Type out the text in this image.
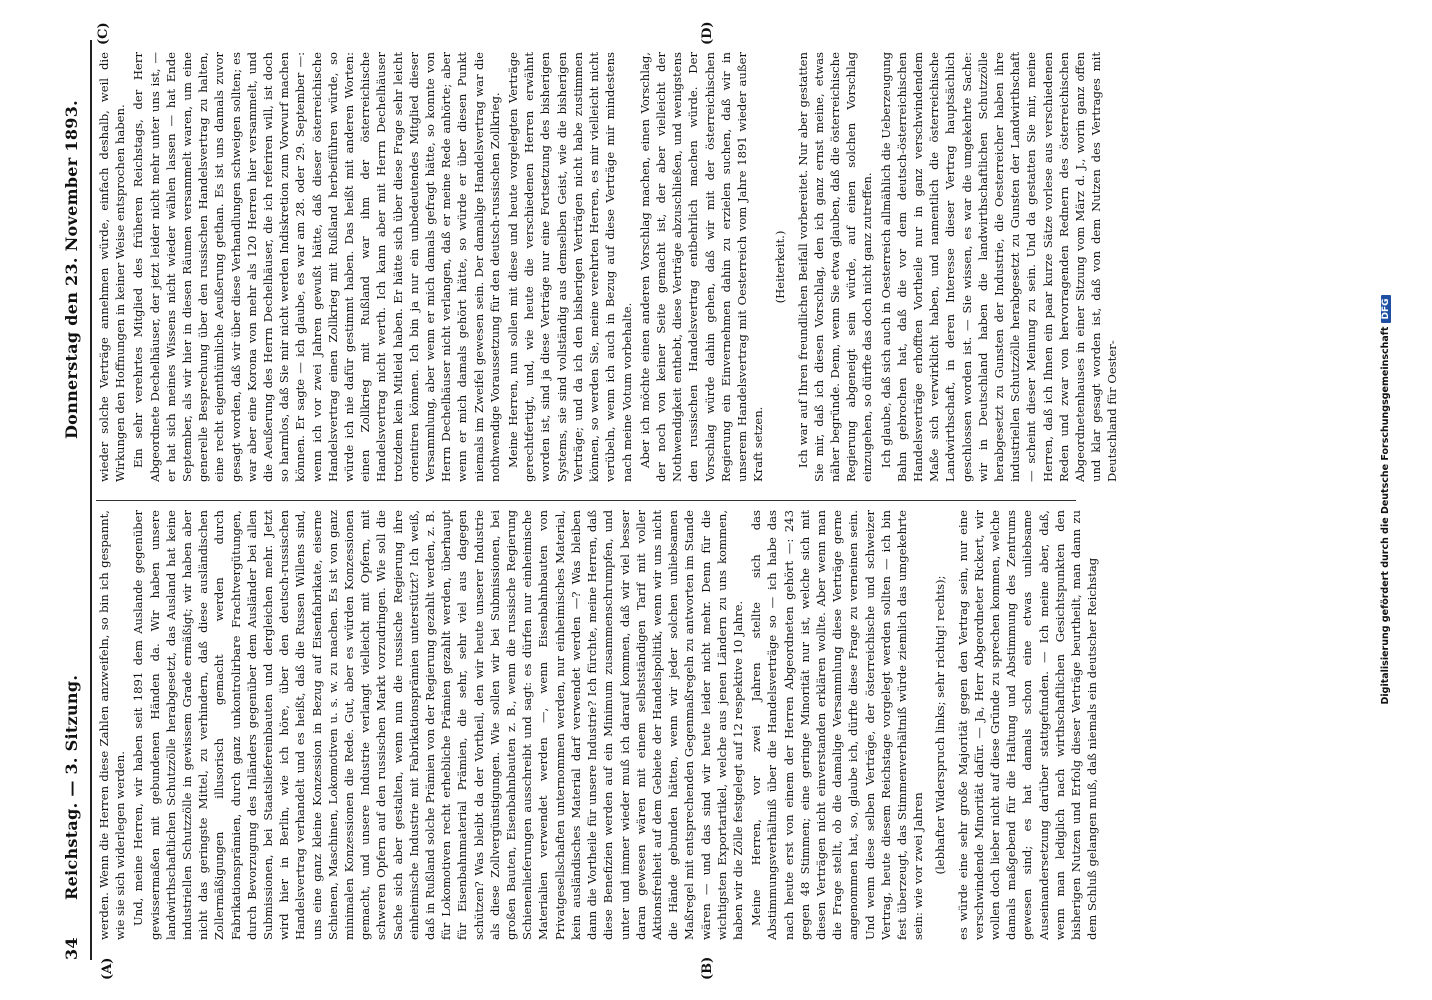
34
Reichstag. — 3. Sitzung.
Donnerstag den 23. November 1893.
(A)	(B)
(C)	(D)

werden. Wenn die Herren diese Zahlen anzweifeln, so bin ich gespannt, wie sie sich widerlegen werden. Und, meine Herren, wir haben seit 1891 dem Auslande gegenüber gewissermaßen mit gebundenen Händen da. Wir haben unsere landwirthschaftlichen Schutzzölle herabgesetzt, das Ausland hat keine industriellen Schutzzölle in gewissem Grade ermäßigt; wir haben aber nicht das geringste Mittel, zu verhindern, daß diese ausländischen Zollermäßigungen illusorisch gemacht werden durch Fabrikationsprämien, durch ganz unkontrolirbare Frachtvergütungen, durch Bevorzugung des Inländers gegenüber dem Ausländer bei allen Submissionen, bei Staatsliefereinbauten und dergleichen mehr. Jetzt wird hier in Berlin, wie ich höre, über den deutsch-russischen Handelsvertrag verhandelt und es heißt, daß die Russen Willens sind, uns eine ganz kleine Konzession in Bezug auf Eisenfabrikate, eiserne Schienen, Maschinen, Lokomotiven u. s. w. zu machen. Es ist von ganz minimalen Konzessionen die Rede. Gut, aber es würden Konzessionen gemacht, und unsere Industrie verlangt vielleicht mit Opfern, mit schweren Opfern auf den russischen Markt vorzudringen. Wie soll die Sache sich aber gestalten, wenn nun die russische Regierung ihre einheimische Industrie mit Fabrikationsprämien unterstützt? Ich weiß, daß in Rußland solche Prämien von der Regierung gezahlt werden, z. B. für Lokomotiven recht erhebliche Prämien gezahlt werden, überhaupt für Eisenbahnmaterial Prämien, die sehr, sehr viel aus dagegen schützen? Was bleibt da der Vortheil, den wir heute unserer Industrie als diese Zollvergünstigungen. Wie sollen wir bei Submissionen, bei großen Bauten, Eisenbahnbauten z. B., wenn die russische Regierung Schienenlieferungen ausschreibt und sagt: es dürfen nur einheimische Materialien verwendet werden —, wenn Eisenbahnbauten von Privatgesellschaften unternommen werden, nur einheimisches Material, kein ausländisches Material darf verwendet werden —? Was bleiben dann die Vortheile für unsere Industrie? Ich fürchte, meine Herren, daß diese Benefizien werden auf ein Minimum zusammenschrumpfen, und unter und immer wieder muß ich darauf kommen, daß wir viel besser daran gewesen wären mit einem selbstständigen Tarif mit voller Aktionsfreiheit auf dem Gebiete der Handelspolitik, wenn wir uns nicht die Hände gebunden hätten, wenn wir jeder solchen unliebsamen Maßregel mit entsprechenden Gegenmaßregeln zu antworten im Stande wären — und das sind wir heute leider nicht mehr. Denn für die wichtigsten Exportartikel, welche aus jenen Ländern zu uns kommen, haben wir die Zölle festgelegt auf 12 respektive 10 Jahre. Meine Herren, vor zwei Jahren stellte sich das Abstimmungsverhältniß über die Handelsverträge so — ich habe das nach heute erst von einem der Herren Abgeordneten gehört —: 243 gegen 48 Stimmen; eine geringe Minorität nur ist, welche sich mit diesen Verträgen nicht einverstanden erklären wollte. Aber wenn man die Frage stellt, ob die damalige Versammlung diese Verträge gerne angenommen hat, so, glaube ich, dürfte diese Frage zu verneinen sein. Und wenn diese selben Verträge, der österreichische und schweizer Vertrag, heute diesem Reichstage vorgelegt werden sollten — ich bin fest überzeugt, das Stimmenverhältniß würde ziemlich das umgekehrte sein: wie vor zwei Jahren (lebhafter Widerspruch links; sehr richtig! rechts); es würde eine sehr große Majorität gegen den Vertrag sein, nur eine verschwindende Minorität dafür. — Ja, Herr Abgeordneter Rickert, wir wollen doch lieber nicht auf diese Gründe zu sprechen kommen, welche damals maßgebend für die Haltung und Abstimmung des Zentrums gewesen sind; es hat damals schon eine etwas unliebsame Auseinandersetzung darüber stattgefunden. — Ich meine aber, daß, wenn man lediglich nach wirthschaftlichen Gesichtspunkten den bisherigen Nutzen und Erfolg dieser Verträge beurtheilt, man dann zu dem Schluß gelangen muß, daß niemals ein deutscher Reichstag

wieder solche Verträge annehmen würde, einfach deshalb, weil die Wirkungen den Hoffnungen in keiner Weise entsprochen haben. Ein sehr verehrtes Mitglied des früheren Reichstags, der Herr Abgeordnete Dechelhäuser, der jetzt leider nicht mehr unter uns ist, — er hat sich meines Wissens nicht wieder wählen lassen — hat Ende September, als wir hier in diesen Räumen versammelt waren, um eine generelle Besprechung über den russischen Handelsvertrag zu halten, eine recht eigenthümliche Aeußerung gethan. Es ist uns damals zuvor gesagt worden, daß wir über diese Verhandlungen schweigen sollten; es war aber eine Korona von mehr als 120 Herren hier versammelt, und die Aeußerung des Herrn Dechelhäuser, die ich referiren will, ist doch so harmlos, daß Sie mir nicht werden Indiskretion zum Vorwurf machen können. Er sagte — ich glaube, es war am 28. oder 29. September —: wenn ich vor zwei Jahren gewußt hätte, daß dieser österreichische Handelsvertrag einen Zollkrieg mit Rußland herbeiführen würde, so würde ich nie dafür gestimmt haben. Das heißt mit anderen Worten: einen Zollkrieg mit Rußland war ihm der österreichische Handelsvertrag nicht werth. Ich kann aber mit Herrn Dechelhäuser trotzdem kein Mitleid haben. Er hätte sich über diese Frage sehr leicht orientiren können. Ich bin ja nur ein unbedeutendes Mitglied dieser Versammlung, aber wenn er mich damals gefragt hätte, so konnte von Herrn Dechelhäuser nicht verlangen, daß er meine Rede anhörte; aber wenn er mich damals gehört hätte, so würde er über diesen Punkt niemals im Zweifel gewesen sein. Der damalige Handelsvertrag war die nothwendige Voraussetzung für den deutsch-russischen Zollkrieg. Meine Herren, nun sollen mit diese und heute vorgelegten Verträge gerechtfertigt, und, wie heute die verschiedenen Herren erwähnt worden ist, sind ja diese Verträge nur eine Fortsetzung des bisherigen Systems, sie sind vollständig aus demselben Geist, wie die bisherigen Verträge; und da ich den bisherigen Verträgen nicht habe zustimmen können, so werden Sie, meine verehrten Herren, es mir vielleicht nicht verübeln, wenn ich auch in Bezug auf diese Verträge mir mindestens nach meine Votum vorbehalte. Aber ich möchte einen anderen Vorschlag machen, einen Vorschlag, der noch von keiner Seite gemacht ist, der aber vielleicht der Nothwendigkeit enthebt, diese Verträge abzuschließen, und wenigstens den russischen Handelsvertrag entbehrlich machen würde. Der Vorschlag würde dahin gehen, daß wir mit der österreichischen Regierung ein Einvernehmen dahin zu erzielen suchen, daß wir in unserem Handelsvertrag mit Oesterreich vom Jahre 1891 wieder außer Kraft setzen.

(Heiterkeit.) Ich war auf Ihren freundlichen Beifall vorbereitet. Nur aber gestatten Sie mir, daß ich diesen Vorschlag, den ich ganz ernst meine, etwas näher begründe. Denn, wenn Sie etwa glauben, daß die österreichische Regierung abgeneigt sein würde, auf einen solchen Vorschlag einzugehen, so dürfte das doch nicht ganz zutreffen. Ich glaube, daß sich auch in Oesterreich allmählich die Ueberzeugung Bahn gebrochen hat, daß die vor dem deutsch-österreichischen Handelsverträge erhofften Vortheile nur in ganz verschwindendem Maße sich verwirklicht haben, und namentlich die österreichische Landwirthschaft, in deren Interesse dieser Vertrag hauptsächlich geschlossen worden ist. — Sie wissen, es war die umgekehrte Sache: wir in Deutschland haben die landwirthschaftlichen Schutzzölle herabgesetzt zu Gunsten der Industrie, die Oesterreicher haben ihre industriellen Schutzzölle herabgesetzt zu Gunsten der Landwirthschaft — scheint dieser Meinung zu sein. Und da gestatten Sie mir, meine Herren, daß ich Ihnen ein paar kurze Sätze vorlese aus verschiedenen Reden und zwar von hervorragenden Rednern des österreichischen Abgeordnetenhauses in einer Sitzung vom März d. J., worin ganz offen und klar gesagt worden ist, daß von dem Nutzen des Vertrages mit Deutschland für Oester-	Digitalisierung gefördert durch die Deutsche ForschungsgemeinschaftDFG
